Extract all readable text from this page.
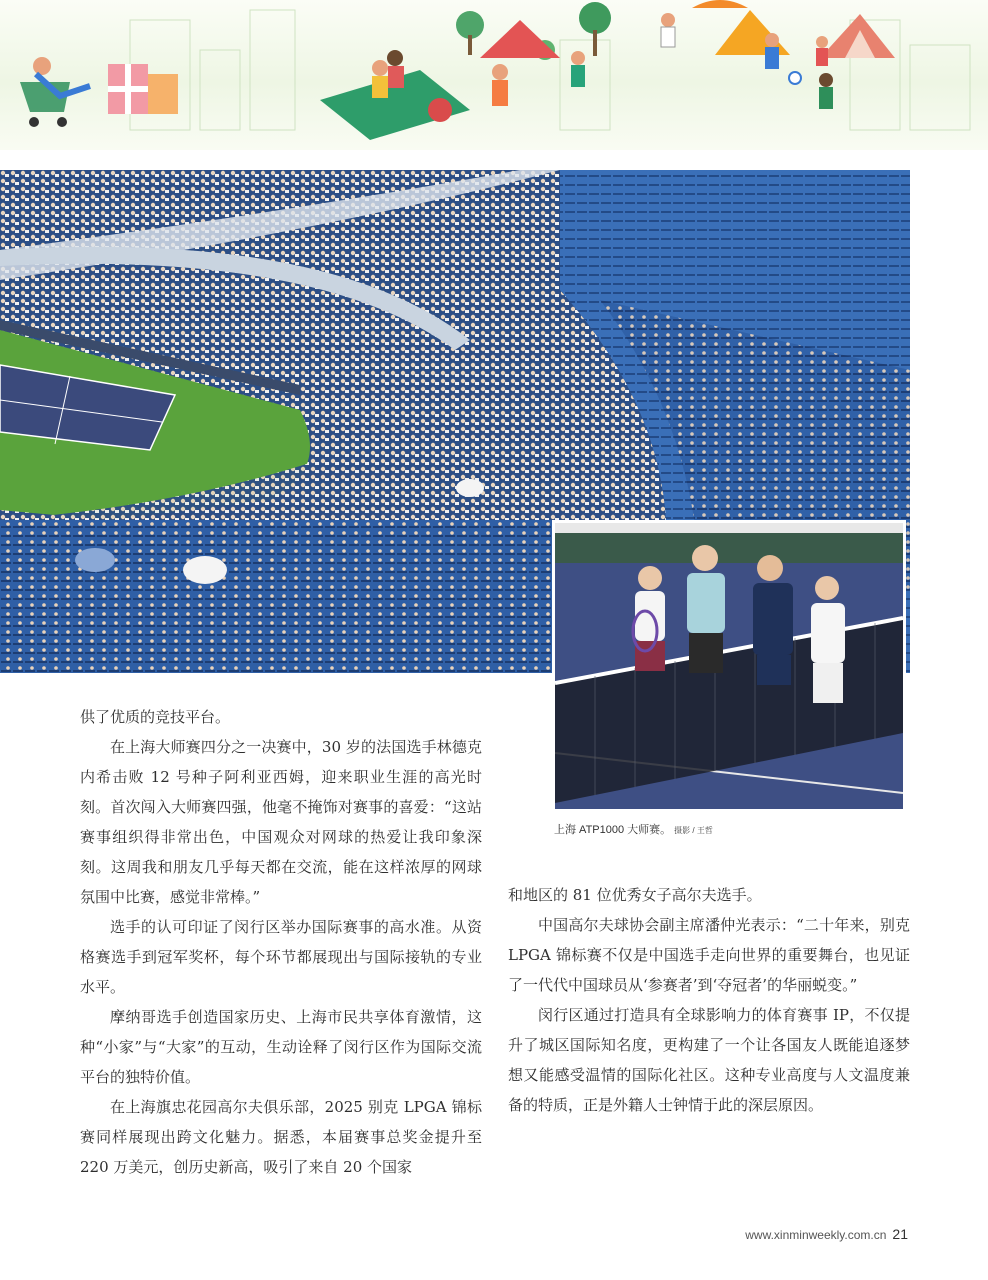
上海 ATP1000 大师赛。 摄影 / 王哲

供了优质的竞技平台。

在上海大师赛四分之一决赛中，30 岁的法国选手林德克内希击败 12 号种子阿利亚西姆，迎来职业生涯的高光时刻。首次闯入大师赛四强，他毫不掩饰对赛事的喜爱：“这站赛事组织得非常出色，中国观众对网球的热爱让我印象深刻。这周我和朋友几乎每天都在交流，能在这样浓厚的网球氛围中比赛，感觉非常棒。”

选手的认可印证了闵行区举办国际赛事的高水准。从资格赛选手到冠军奖杯，每个环节都展现出与国际接轨的专业水平。

摩纳哥选手创造国家历史、上海市民共享体育激情，这种“小家”与“大家”的互动，生动诠释了闵行区作为国际交流平台的独特价值。

在上海旗忠花园高尔夫俱乐部，2025 别克 LPGA 锦标赛同样展现出跨文化魅力。据悉，本届赛事总奖金提升至 220 万美元，创历史新高，吸引了来自 20 个国家

和地区的 81 位优秀女子高尔夫选手。

中国高尔夫球协会副主席潘仲光表示：“二十年来，别克 LPGA 锦标赛不仅是中国选手走向世界的重要舞台，也见证了一代代中国球员从‘参赛者’到‘夺冠者’的华丽蜕变。”

闵行区通过打造具有全球影响力的体育赛事 IP，不仅提升了城区国际知名度，更构建了一个让各国友人既能追逐梦想又能感受温情的国际化社区。这种专业高度与人文温度兼备的特质，正是外籍人士钟情于此的深层原因。

www.xinminweekly.com.cn 21
